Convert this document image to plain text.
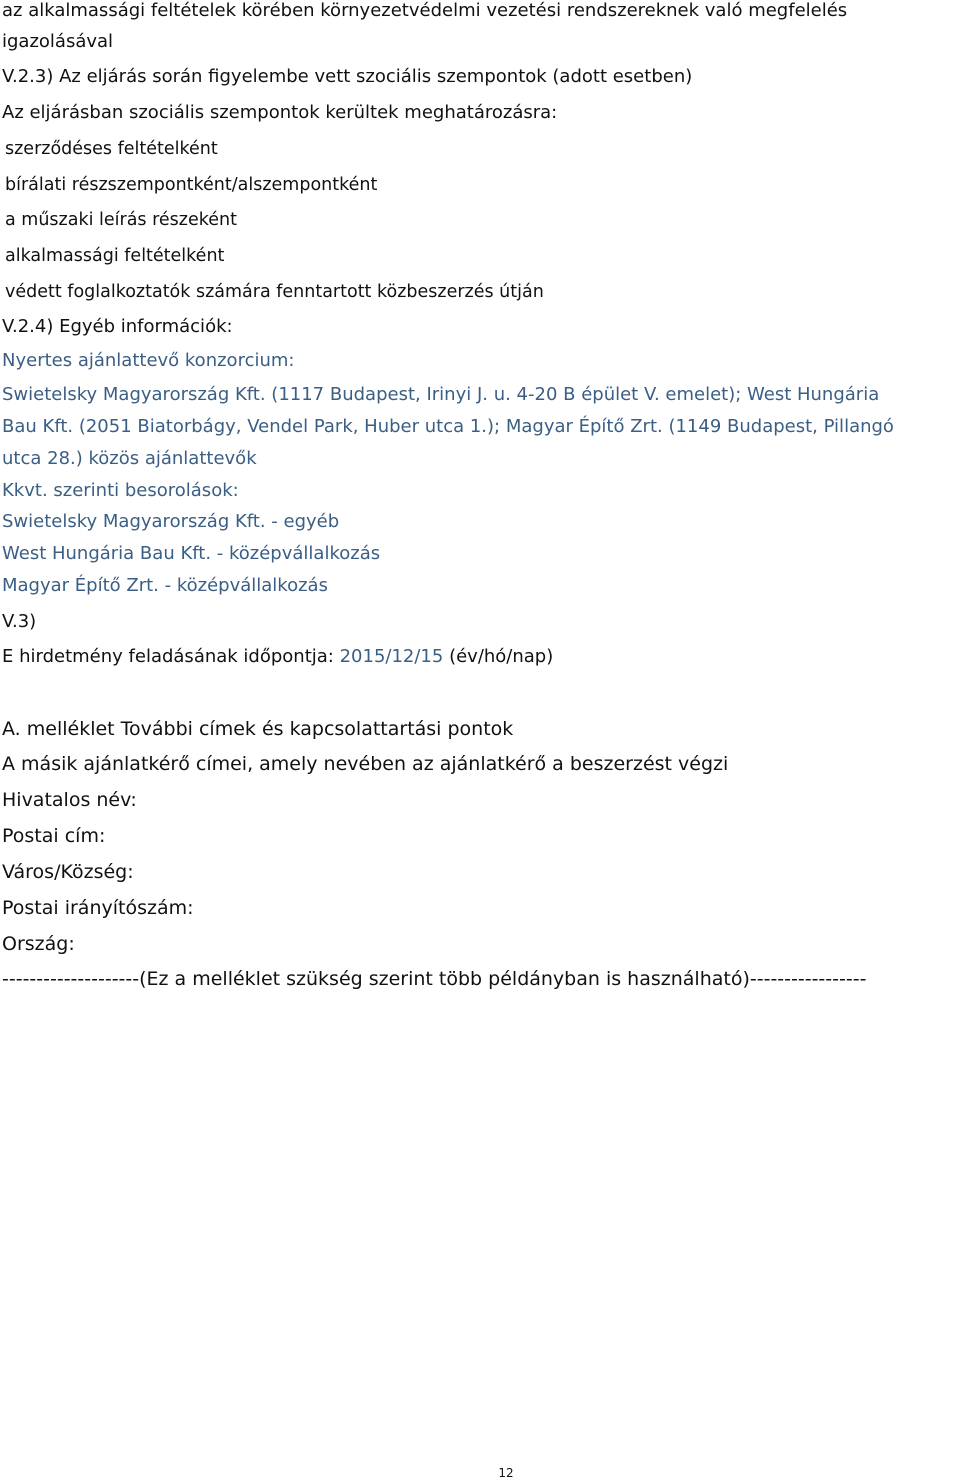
az alkalmassági feltételek körében környezetvédelmi vezetési rendszereknek való megfelelés
igazolásával
V.2.3) Az eljárás során figyelembe vett szociális szempontok (adott esetben)
Az eljárásban szociális szempontok kerültek meghatározásra:
szerződéses feltételként
bírálati részszempontként/alszempontként
a műszaki leírás részeként
alkalmassági feltételként
védett foglalkoztatók számára fenntartott közbeszerzés útján
V.2.4) Egyéb információk:
Nyertes ajánlattevő konzorcium:
Swietelsky Magyarország Kft. (1117 Budapest, Irinyi J. u. 4-20 B épület V. emelet); West Hungária
Bau Kft. (2051 Biatorbágy, Vendel Park, Huber utca 1.); Magyar Építő Zrt. (1149 Budapest, Pillangó
utca 28.) közös ajánlattevők
Kkvt. szerinti besorolások:
Swietelsky Magyarország Kft. - egyéb
West Hungária Bau Kft. - középvállalkozás
Magyar Építő Zrt. - középvállalkozás
V.3)
E hirdetmény feladásának időpontja: 2015/12/15 (év/hó/nap)
A. melléklet További címek és kapcsolattartási pontok
A másik ajánlatkérő címei, amely nevében az ajánlatkérő a beszerzést végzi
Hivatalos név:
Postai cím:
Város/Község:
Postai irányítószám:
Ország:
--------------------(Ez a melléklet szükség szerint több példányban is használható)-----------------
12
